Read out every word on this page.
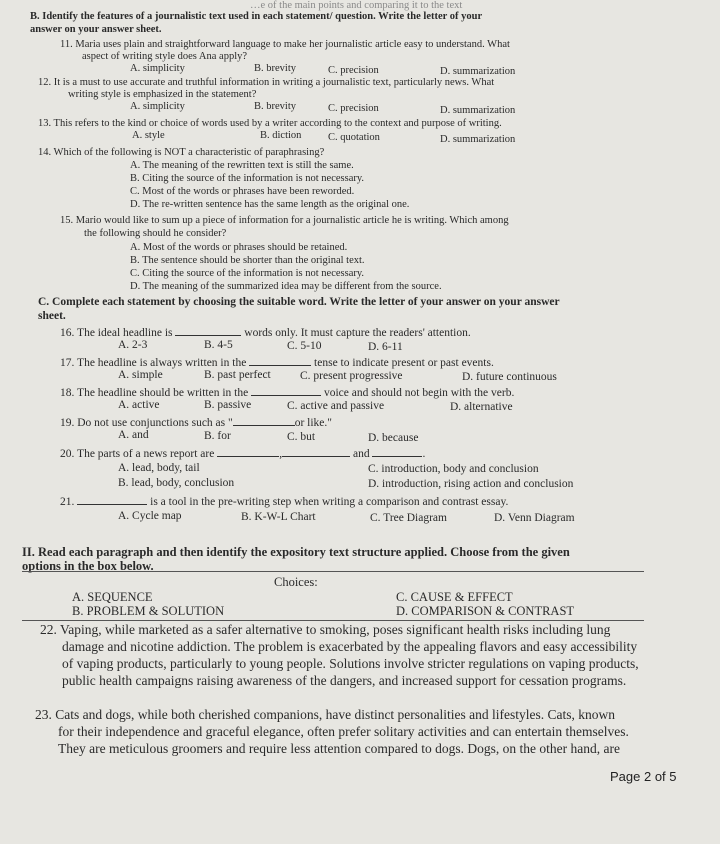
…e of the main points and comparing it to the text
B. Identify the features of a journalistic text used in each statement/ question. Write the letter of your
answer on your answer sheet.
11. Maria uses plain and straightforward language to make her journalistic article easy to understand. What
aspect of writing style does Ana apply?
A. simplicity	B. brevity	C. precision	D. summarization
12. It is a must to use accurate and truthful information in writing a journalistic text, particularly news. What
writing style is emphasized in the statement?
A. simplicity	B. brevity	C. precision	D. summarization
13. This refers to the kind or choice of words used by a writer according to the context and purpose of writing.
A. style	B. diction	C. quotation	D. summarization
14. Which of the following is NOT a characteristic of paraphrasing?
A. The meaning of the rewritten text is still the same.
B. Citing the source of the information is not necessary.
C. Most of the words or phrases have been reworded.
D. The re-written sentence has the same length as the original one.
15. Mario would like to sum up a piece of information for a journalistic article he is writing. Which among
the following should he consider?
A. Most of the words or phrases should be retained.
B. The sentence should be shorter than the original text.
C. Citing the source of the information is not necessary.
D. The meaning of the summarized idea may be different from the source.
C. Complete each statement by choosing the suitable word. Write the letter of your answer on your answer
sheet.
16. The ideal headline is	words only. It must capture the readers' attention.
A. 2-3	B. 4-5	C. 5-10	D. 6-11
17. The headline is always written in the	tense to indicate present or past events.
A. simple	B. past perfect	C. present progressive	D. future continuous
18. The headline should be written in the	voice and should not begin with the verb.
A. active	B. passive	C. active and passive	D. alternative
19. Do not use conjunctions such as "	or like."
A. and	B. for	C. but	D. because
20. The parts of a news report are	,	and	.
A. lead, body, tail	C. introduction, body and conclusion
B. lead, body, conclusion	D. introduction, rising action and conclusion
21.	is a tool in the pre-writing step when writing a comparison and contrast essay.
A. Cycle map	B. K-W-L Chart	C. Tree Diagram	D. Venn Diagram
II. Read each paragraph and then identify the expository text structure applied. Choose from the given
options in the box below.
Choices:
A. SEQUENCE	C. CAUSE & EFFECT
B. PROBLEM & SOLUTION	D. COMPARISON & CONTRAST
22. Vaping, while marketed as a safer alternative to smoking, poses significant health risks including lung
damage and nicotine addiction. The problem is exacerbated by the appealing flavors and easy accessibility
of vaping products, particularly to young people. Solutions involve stricter regulations on vaping products,
public health campaigns raising awareness of the dangers, and increased support for cessation programs.
23. Cats and dogs, while both cherished companions, have distinct personalities and lifestyles. Cats, known
for their independence and graceful elegance, often prefer solitary activities and can entertain themselves.
They are meticulous groomers and require less attention compared to dogs. Dogs, on the other hand, are
Page 2 of 5
